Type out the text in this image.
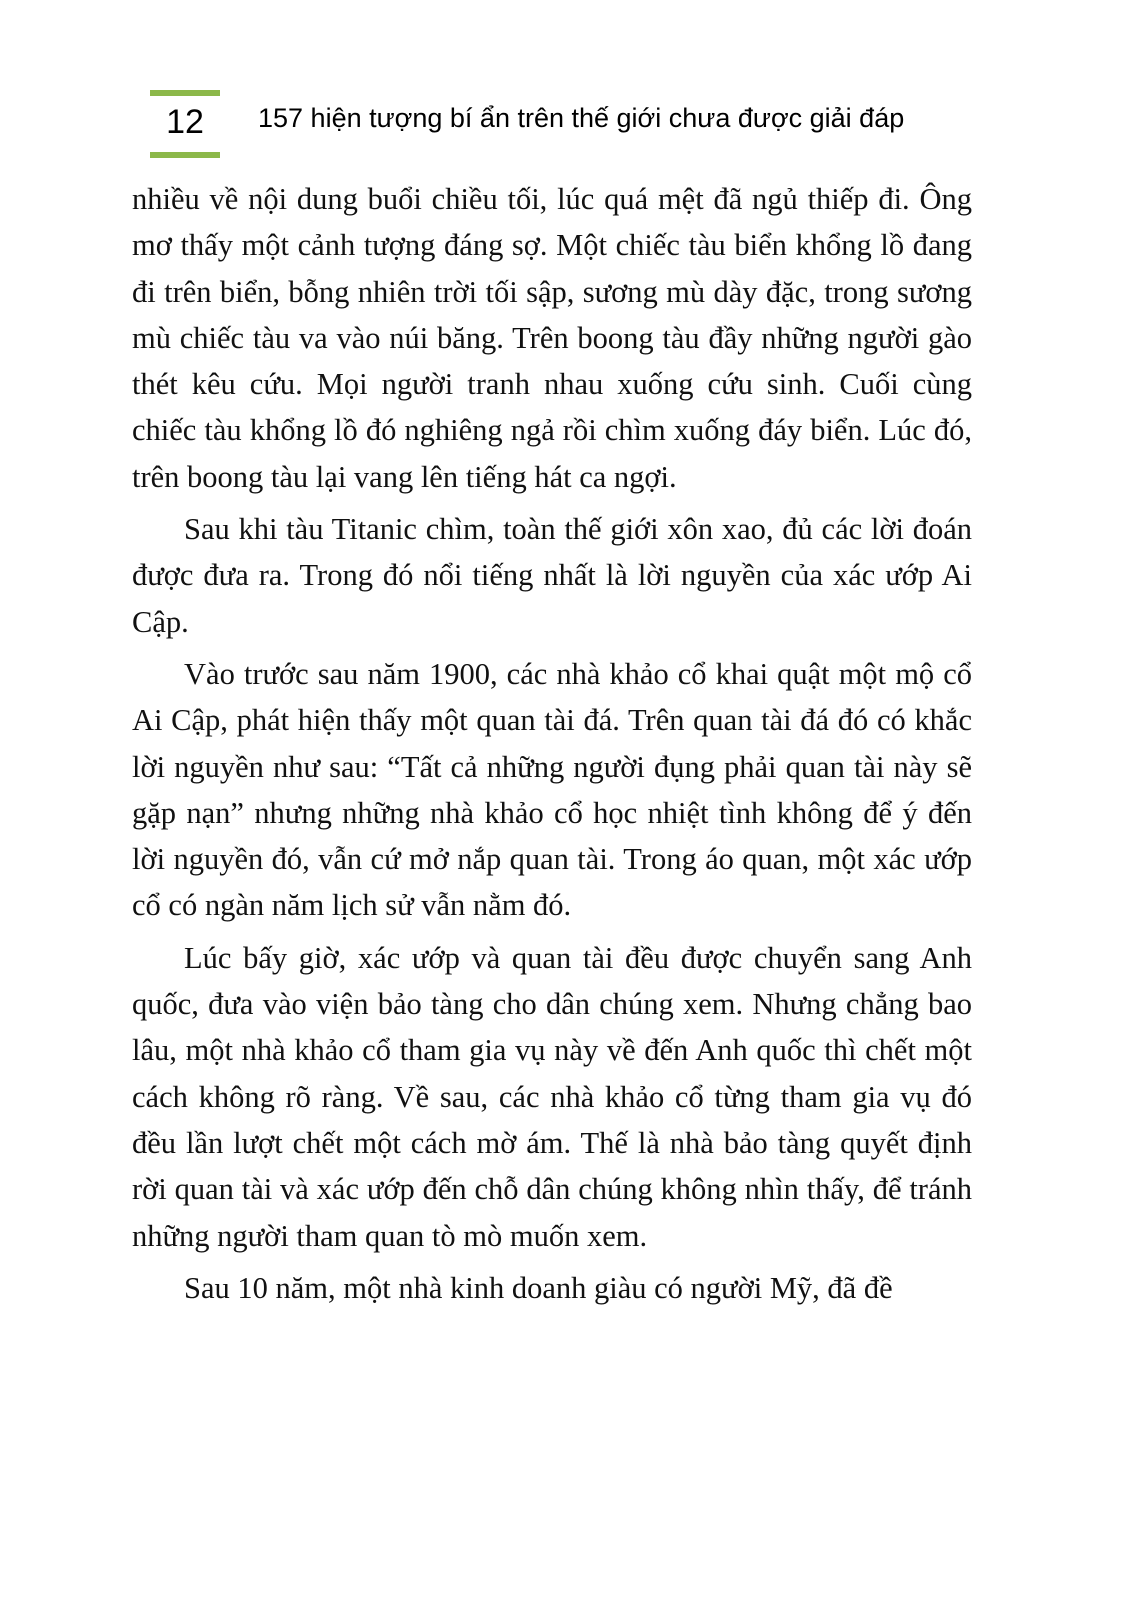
12	157 hiện tượng bí ẩn trên thế giới chưa được giải đáp

nhiều về nội dung buổi chiều tối, lúc quá mệt đã ngủ thiếp đi. Ông mơ thấy một cảnh tượng đáng sợ. Một chiếc tàu biển khổng lồ đang đi trên biển, bỗng nhiên trời tối sập, sương mù dày đặc, trong sương mù chiếc tàu va vào núi băng. Trên boong tàu đầy những người gào thét kêu cứu. Mọi người tranh nhau xuống cứu sinh. Cuối cùng chiếc tàu khổng lồ đó nghiêng ngả rồi chìm xuống đáy biển. Lúc đó, trên boong tàu lại vang lên tiếng hát ca ngợi.

Sau khi tàu Titanic chìm, toàn thế giới xôn xao, đủ các lời đoán được đưa ra. Trong đó nổi tiếng nhất là lời nguyền của xác ướp Ai Cập.

Vào trước sau năm 1900, các nhà khảo cổ khai quật một mộ cổ Ai Cập, phát hiện thấy một quan tài đá. Trên quan tài đá đó có khắc lời nguyền như sau: “Tất cả những người đụng phải quan tài này sẽ gặp nạn” nhưng những nhà khảo cổ học nhiệt tình không để ý đến lời nguyền đó, vẫn cứ mở nắp quan tài. Trong áo quan, một xác ướp cổ có ngàn năm lịch sử vẫn nằm đó.

Lúc bấy giờ, xác ướp và quan tài đều được chuyển sang Anh quốc, đưa vào viện bảo tàng cho dân chúng xem. Nhưng chẳng bao lâu, một nhà khảo cổ tham gia vụ này về đến Anh quốc thì chết một cách không rõ ràng. Về sau, các nhà khảo cổ từng tham gia vụ đó đều lần lượt chết một cách mờ ám. Thế là nhà bảo tàng quyết định rời quan tài và xác ướp đến chỗ dân chúng không nhìn thấy, để tránh những người tham quan tò mò muốn xem.

Sau 10 năm, một nhà kinh doanh giàu có người Mỹ, đã đề
